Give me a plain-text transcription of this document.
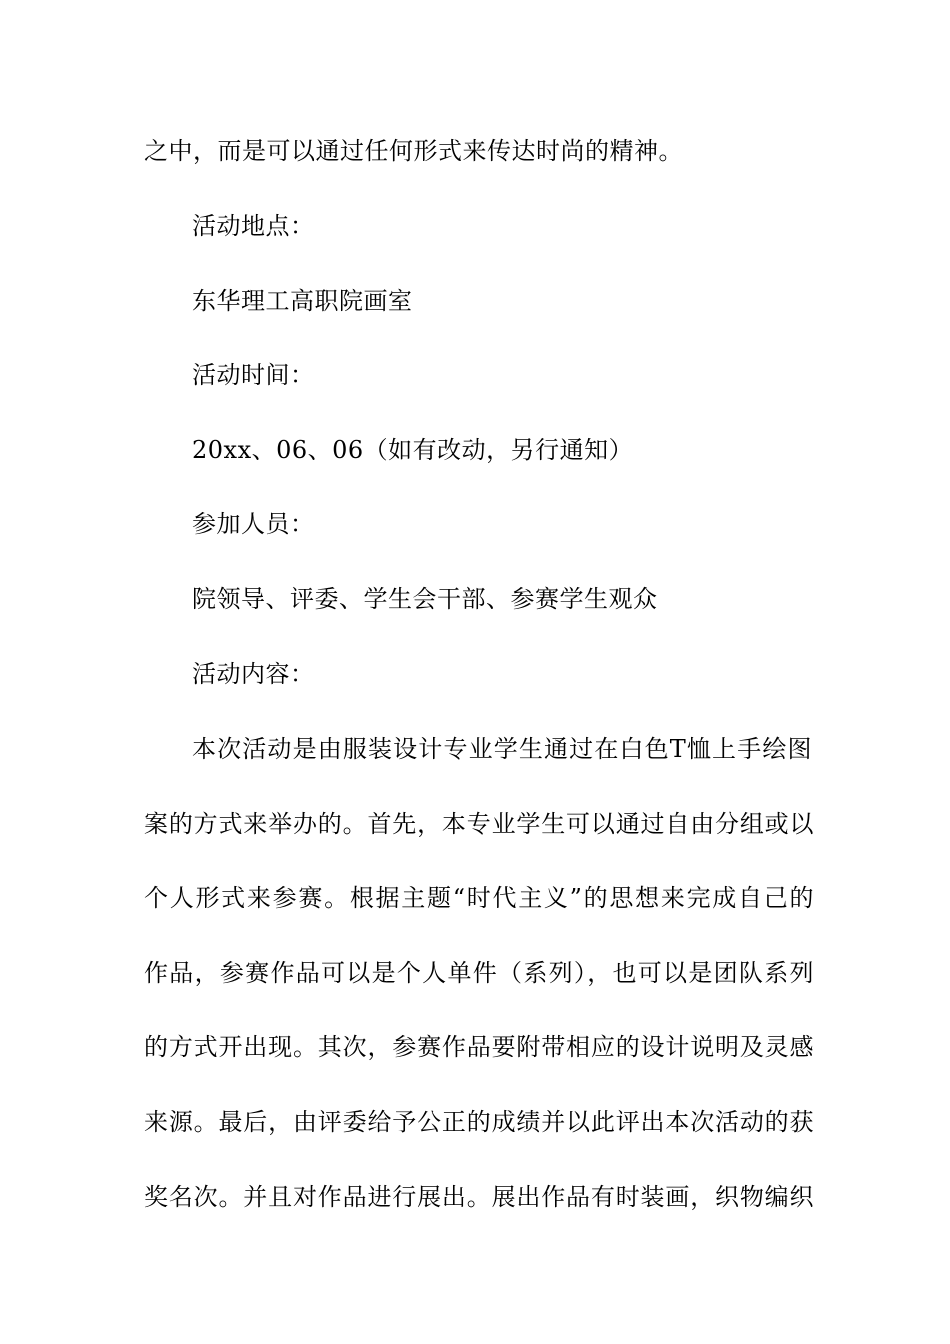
之中，而是可以通过任何形式来传达时尚的精神。
活动地点：
东华理工高职院画室
活动时间：
20xx、06、06（如有改动，另行通知）
参加人员：
院领导、评委、学生会干部、参赛学生观众
活动内容：
本次活动是由服装设计专业学生通过在白色T恤上手绘图
案的方式来举办的。首先，本专业学生可以通过自由分组或以
个人形式来参赛。根据主题“时代主义”的思想来完成自己的
作品，参赛作品可以是个人单件（系列），也可以是团队系列
的方式开出现。其次，参赛作品要附带相应的设计说明及灵感
来源。最后，由评委给予公正的成绩并以此评出本次活动的获
奖名次。并且对作品进行展出。展出作品有时装画，织物编织
